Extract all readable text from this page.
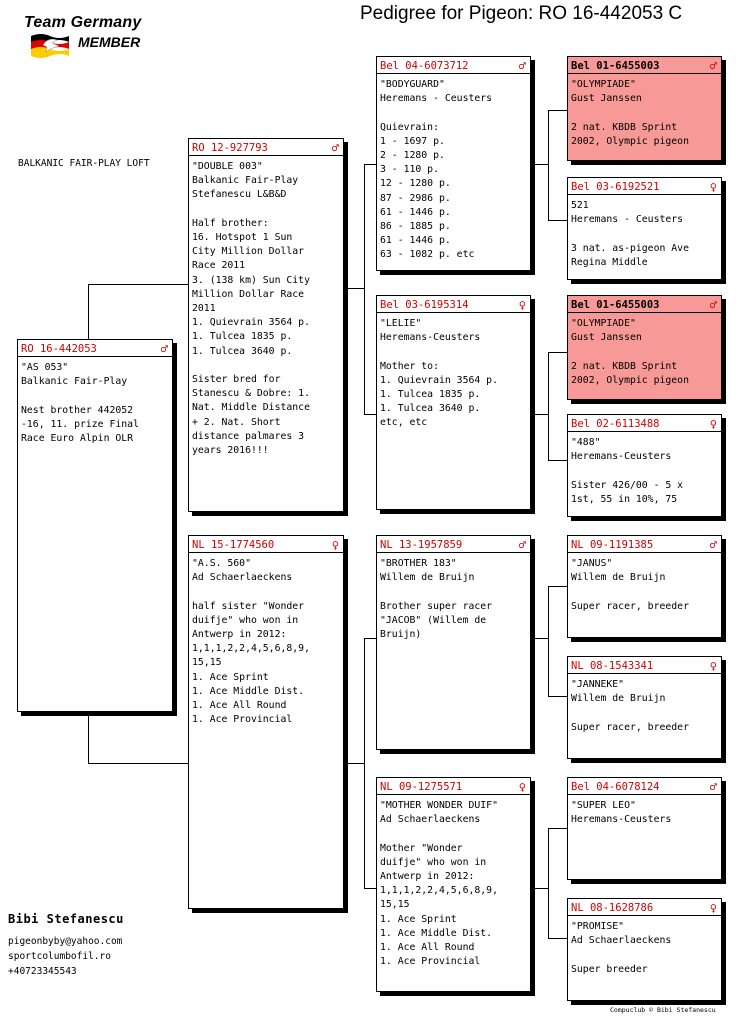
Team Germany
MEMBER
Pedigree for Pigeon: RO 16-442053 C
BALKANIC FAIR-PLAY LOFT
RO 16-442053	♂
"AS 053"
Balkanic Fair-Play

Nest brother 442052
-16, 11. prize Final
Race Euro Alpin OLR
RO 12-927793	♂
"DOUBLE 003"
Balkanic Fair-Play
Stefanescu L&B&D

Half brother:
16. Hotspot 1 Sun
City Million Dollar
Race 2011
3. (138 km) Sun City
Million Dollar Race
2011
1. Quievrain 3564 p.
1. Tulcea 1835 p.
1. Tulcea 3640 p.

Sister bred for
Stanescu & Dobre: 1.
Nat. Middle Distance
+ 2. Nat. Short
distance palmares 3
years 2016!!!
NL 15-1774560	♀
"A.S. 560"
Ad Schaerlaeckens

half sister "Wonder
duifje" who won in
Antwerp in 2012:
1,1,1,2,2,4,5,6,8,9,
15,15
1. Ace Sprint
1. Ace Middle Dist.
1. Ace All Round
1. Ace Provincial
Bel 04-6073712	♂
"BODYGUARD"
Heremans - Ceusters

Quievrain:
1 - 1697 p.
2 - 1280 p.
3 - 110 p.
12 - 1280 p.
87 - 2986 p.
61 - 1446 p.
86 - 1885 p.
61 - 1446 p.
63 - 1082 p. etc
Bel 03-6195314	♀
"LELIE"
Heremans-Ceusters

Mother to:
1. Quievrain 3564 p.
1. Tulcea 1835 p.
1. Tulcea 3640 p.
etc, etc
NL 13-1957859	♂
"BROTHER 183"
Willem de Bruijn

Brother super racer
"JACOB" (Willem de
Bruijn)
NL 09-1275571	♀
"MOTHER WONDER DUIF"
Ad Schaerlaeckens

Mother "Wonder
duifje" who won in
Antwerp in 2012:
1,1,1,2,2,4,5,6,8,9,
15,15
1. Ace Sprint
1. Ace Middle Dist.
1. Ace All Round
1. Ace Provincial
Bel 01-6455003	♂
"OLYMPIADE"
Gust Janssen

2 nat. KBDB Sprint
2002, Olympic pigeon
Bel 03-6192521	♀
521
Heremans - Ceusters

3 nat. as-pigeon Ave
Regina Middle
Bel 01-6455003	♂
"OLYMPIADE"
Gust Janssen

2 nat. KBDB Sprint
2002, Olympic pigeon
Bel 02-6113488	♀
"488"
Heremans-Ceusters

Sister 426/00 - 5 x
1st, 55 in 10%, 75
NL 09-1191385	♂
"JANUS"
Willem de Bruijn

Super racer, breeder
NL 08-1543341	♀
"JANNEKE"
Willem de Bruijn

Super racer, breeder
Bel 04-6078124	♂
"SUPER LEO"
Heremans-Ceusters
NL 08-1628786	♀
"PROMISE"
Ad Schaerlaeckens

Super breeder
Bibi Stefanescu
pigeonbyby@yahoo.com
sportcolumbofil.ro
+40723345543
Compuclub © Bibi Stefanescu
